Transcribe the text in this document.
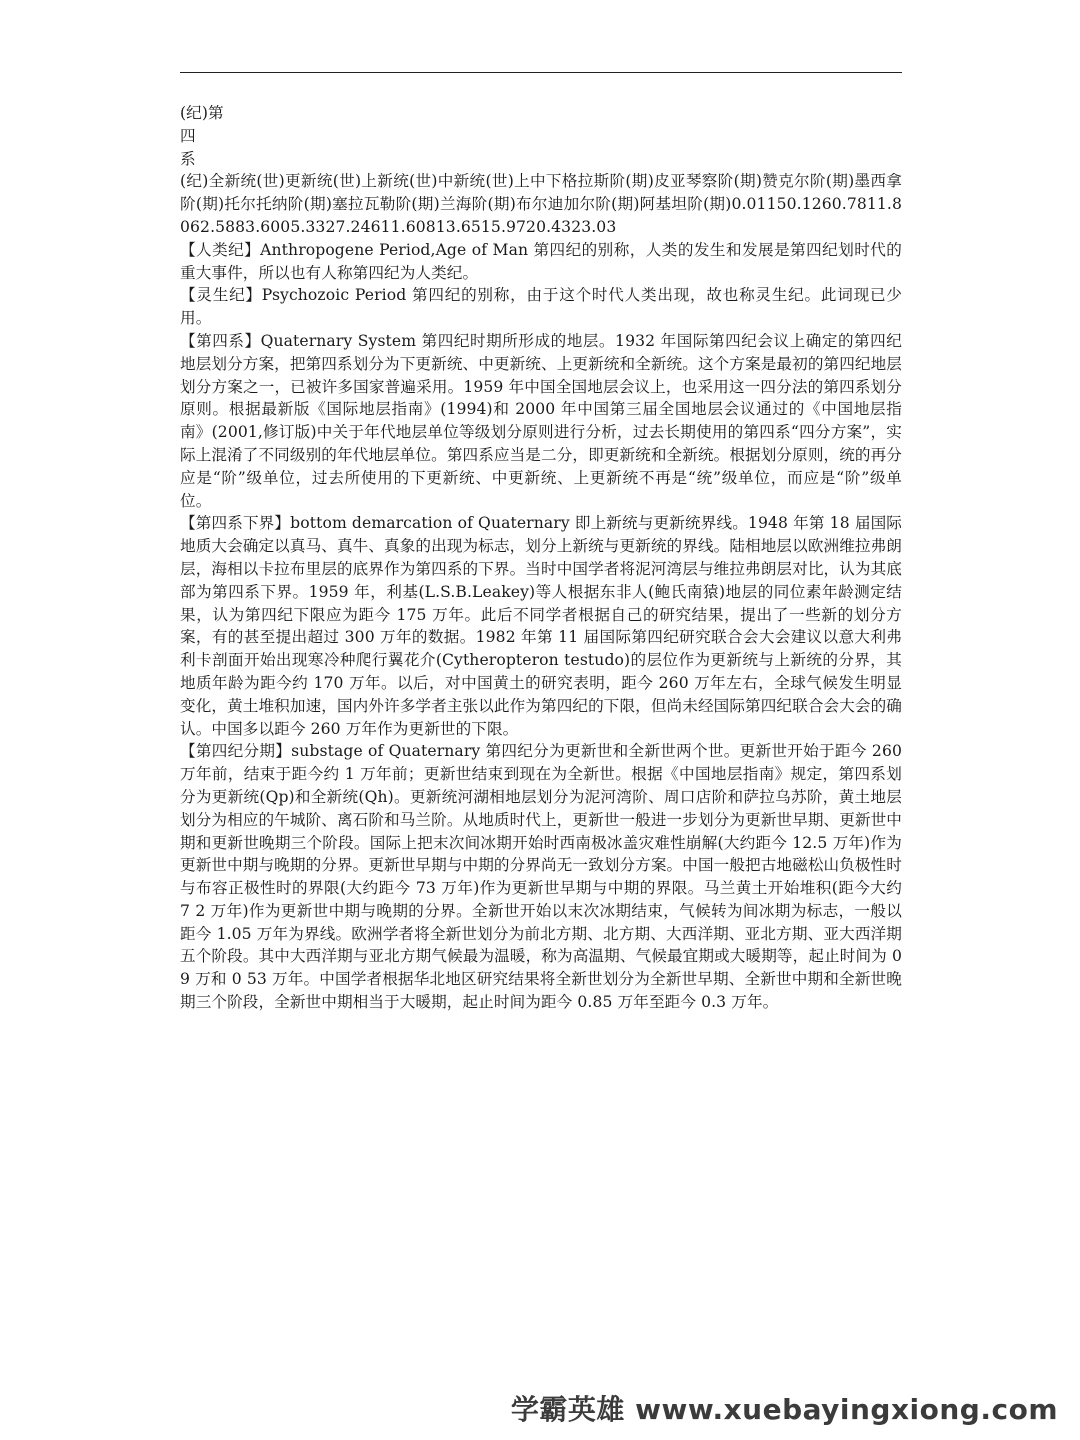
(纪)第

四

系

(纪)全新统(世)更新统(世)上新统(世)中新统(世)上中下格拉斯阶(期)皮亚琴察阶(期)赞克尔阶(期)墨西拿阶(期)托尔托纳阶(期)塞拉瓦勒阶(期)兰海阶(期)布尔迪加尔阶(期)阿基坦阶(期)0.01150.1260.7811.8062.5883.6005.3327.24611.60813.6515.9720.4323.03

【人类纪】Anthropogene Period,Age of Man 第四纪的别称，人类的发生和发展是第四纪划时代的重大事件，所以也有人称第四纪为人类纪。

【灵生纪】Psychozoic Period 第四纪的别称，由于这个时代人类出现，故也称灵生纪。此词现已少用。

【第四系】Quaternary System 第四纪时期所形成的地层。1932 年国际第四纪会议上确定的第四纪地层划分方案，把第四系划分为下更新统、中更新统、上更新统和全新统。这个方案是最初的第四纪地层划分方案之一，已被许多国家普遍采用。1959 年中国全国地层会议上，也采用这一四分法的第四系划分原则。根据最新版《国际地层指南》(1994)和 2000 年中国第三届全国地层会议通过的《中国地层指南》(2001,修订版)中关于年代地层单位等级划分原则进行分析，过去长期使用的第四系“四分方案”，实际上混淆了不同级别的年代地层单位。第四系应当是二分，即更新统和全新统。根据划分原则，统的再分应是“阶”级单位，过去所使用的下更新统、中更新统、上更新统不再是“统”级单位，而应是“阶”级单位。

【第四系下界】bottom demarcation of Quaternary 即上新统与更新统界线。1948 年第 18 届国际地质大会确定以真马、真牛、真象的出现为标志，划分上新统与更新统的界线。陆相地层以欧洲维拉弗朗层，海相以卡拉布里层的底界作为第四系的下界。当时中国学者将泥河湾层与维拉弗朗层对比，认为其底部为第四系下界。1959 年，利基(L.S.B.Leakey)等人根据东非人(鲍氏南猿)地层的同位素年龄测定结果，认为第四纪下限应为距今 175 万年。此后不同学者根据自己的研究结果，提出了一些新的划分方案，有的甚至提出超过 300 万年的数据。1982 年第 11 届国际第四纪研究联合会大会建议以意大利弗利卡剖面开始出现寒冷种爬行翼花介(Cytheropteron testudo)的层位作为更新统与上新统的分界，其地质年龄为距今约 170 万年。以后，对中国黄土的研究表明，距今 260 万年左右，全球气候发生明显变化，黄土堆积加速，国内外许多学者主张以此作为第四纪的下限，但尚未经国际第四纪联合会大会的确认。中国多以距今 260 万年作为更新世的下限。

【第四纪分期】substage of Quaternary 第四纪分为更新世和全新世两个世。更新世开始于距今 260 万年前，结束于距今约 1 万年前；更新世结束到现在为全新世。根据《中国地层指南》规定，第四系划分为更新统(Qp)和全新统(Qh)。更新统河湖相地层划分为泥河湾阶、周口店阶和萨拉乌苏阶，黄土地层划分为相应的午城阶、离石阶和马兰阶。从地质时代上，更新世一般进一步划分为更新世早期、更新世中期和更新世晚期三个阶段。国际上把末次间冰期开始时西南极冰盖灾难性崩解(大约距今 12.5 万年)作为更新世中期与晚期的分界。更新世早期与中期的分界尚无一致划分方案。中国一般把古地磁松山负极性时与布容正极性时的界限(大约距今 73 万年)作为更新世早期与中期的界限。马兰黄土开始堆积(距今大约 7 2 万年)作为更新世中期与晚期的分界。全新世开始以末次冰期结束，气候转为间冰期为标志，一般以距今 1.05 万年为界线。欧洲学者将全新世划分为前北方期、北方期、大西洋期、亚北方期、亚大西洋期五个阶段。其中大西洋期与亚北方期气候最为温暖，称为高温期、气候最宜期或大暖期等，起止时间为 0 9 万和 0 53 万年。中国学者根据华北地区研究结果将全新世划分为全新世早期、全新世中期和全新世晚期三个阶段，全新世中期相当于大暖期，起止时间为距今 0.85 万年至距今 0.3 万年。

学霸英雄 www.xuebayingxiong.com
